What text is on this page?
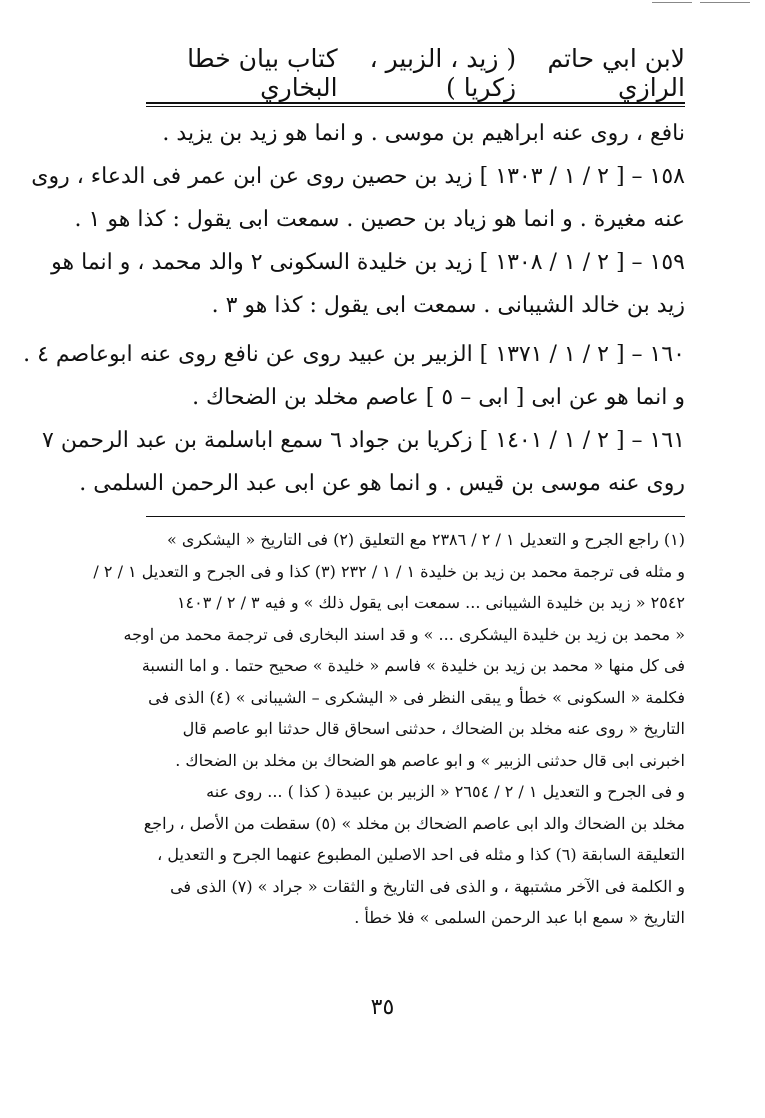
كتاب بيان خطا البخاري
( زيد ، الزبير ، زكريا )
لابن ابي حاتم الرازي
نافع ، روى عنه ابراهيم بن موسى . و انما هو زيد بن يزيد .
١٥٨ – [ ٢ / ١ / ١٣٠٣ ] زيد بن حصين روى عن ابن عمر فى الدعاء ، روى
عنه مغيرة . و انما هو زياد بن حصين . سمعت ابى يقول : كذا هو ١ .
١٥٩ – [ ٢ / ١ / ١٣٠٨ ] زيد بن خليدة السكونى ٢ والد محمد ، و انما هو
زيد بن خالد الشيبانى . سمعت ابى يقول : كذا هو ٣ .
١٦٠ – [ ٢ / ١ / ١٣٧١ ] الزبير بن عبيد روى عن نافع روى عنه ابوعاصم ٤ .
و انما هو عن ابى [ ابى – ٥ ] عاصم مخلد بن الضحاك .
١٦١ – [ ٢ / ١ / ١٤٠١ ] زكريا بن جواد ٦ سمع اباسلمة بن عبد الرحمن ٧
روى عنه موسى بن قيس . و انما هو عن ابى عبد الرحمن السلمى .
(١) راجع الجرح و التعديل ١ / ٢ / ٢٣٨٦ مع التعليق (٢) فى التاريخ « اليشكرى »
و مثله فى ترجمة محمد بن زيد بن خليدة ١ / ١ / ٢٣٢ (٣) كذا و فى الجرح و التعديل ١ / ٢ /
٢٥٤٢ « زيد بن خليدة الشيبانى ... سمعت ابى يقول ذلك » و فيه ٣ / ٢ / ١٤٠٣
« محمد بن زيد بن خليدة اليشكرى ... » و قد اسند البخارى فى ترجمة محمد من اوجه
فى كل منها « محمد بن زيد بن خليدة » فاسم « خليدة » صحيح حتما . و اما النسبة
فكلمة « السكونى » خطأ و يبقى النظر فى « اليشكرى – الشيبانى » (٤) الذى فى
التاريخ « روى عنه مخلد بن الضحاك ، حدثنى اسحاق قال حدثنا ابو عاصم قال
اخبرنى ابى قال حدثنى الزبير » و ابو عاصم هو الضحاك بن مخلد بن الضحاك .
و فى الجرح و التعديل ١ / ٢ / ٢٦٥٤ « الزبير بن عبيدة ( كذا ) ... روى عنه
مخلد بن الضحاك والد ابى عاصم الضحاك بن مخلد » (٥) سقطت من الأصل ، راجع
التعليقة السابقة (٦) كذا و مثله فى احد الاصلين المطبوع عنهما الجرح و التعديل ،
و الكلمة فى الآخر مشتبهة ، و الذى فى التاريخ و الثقات « جراد » (٧) الذى فى
التاريخ « سمع ابا عبد الرحمن السلمى » فلا خطأ .
٣٥
